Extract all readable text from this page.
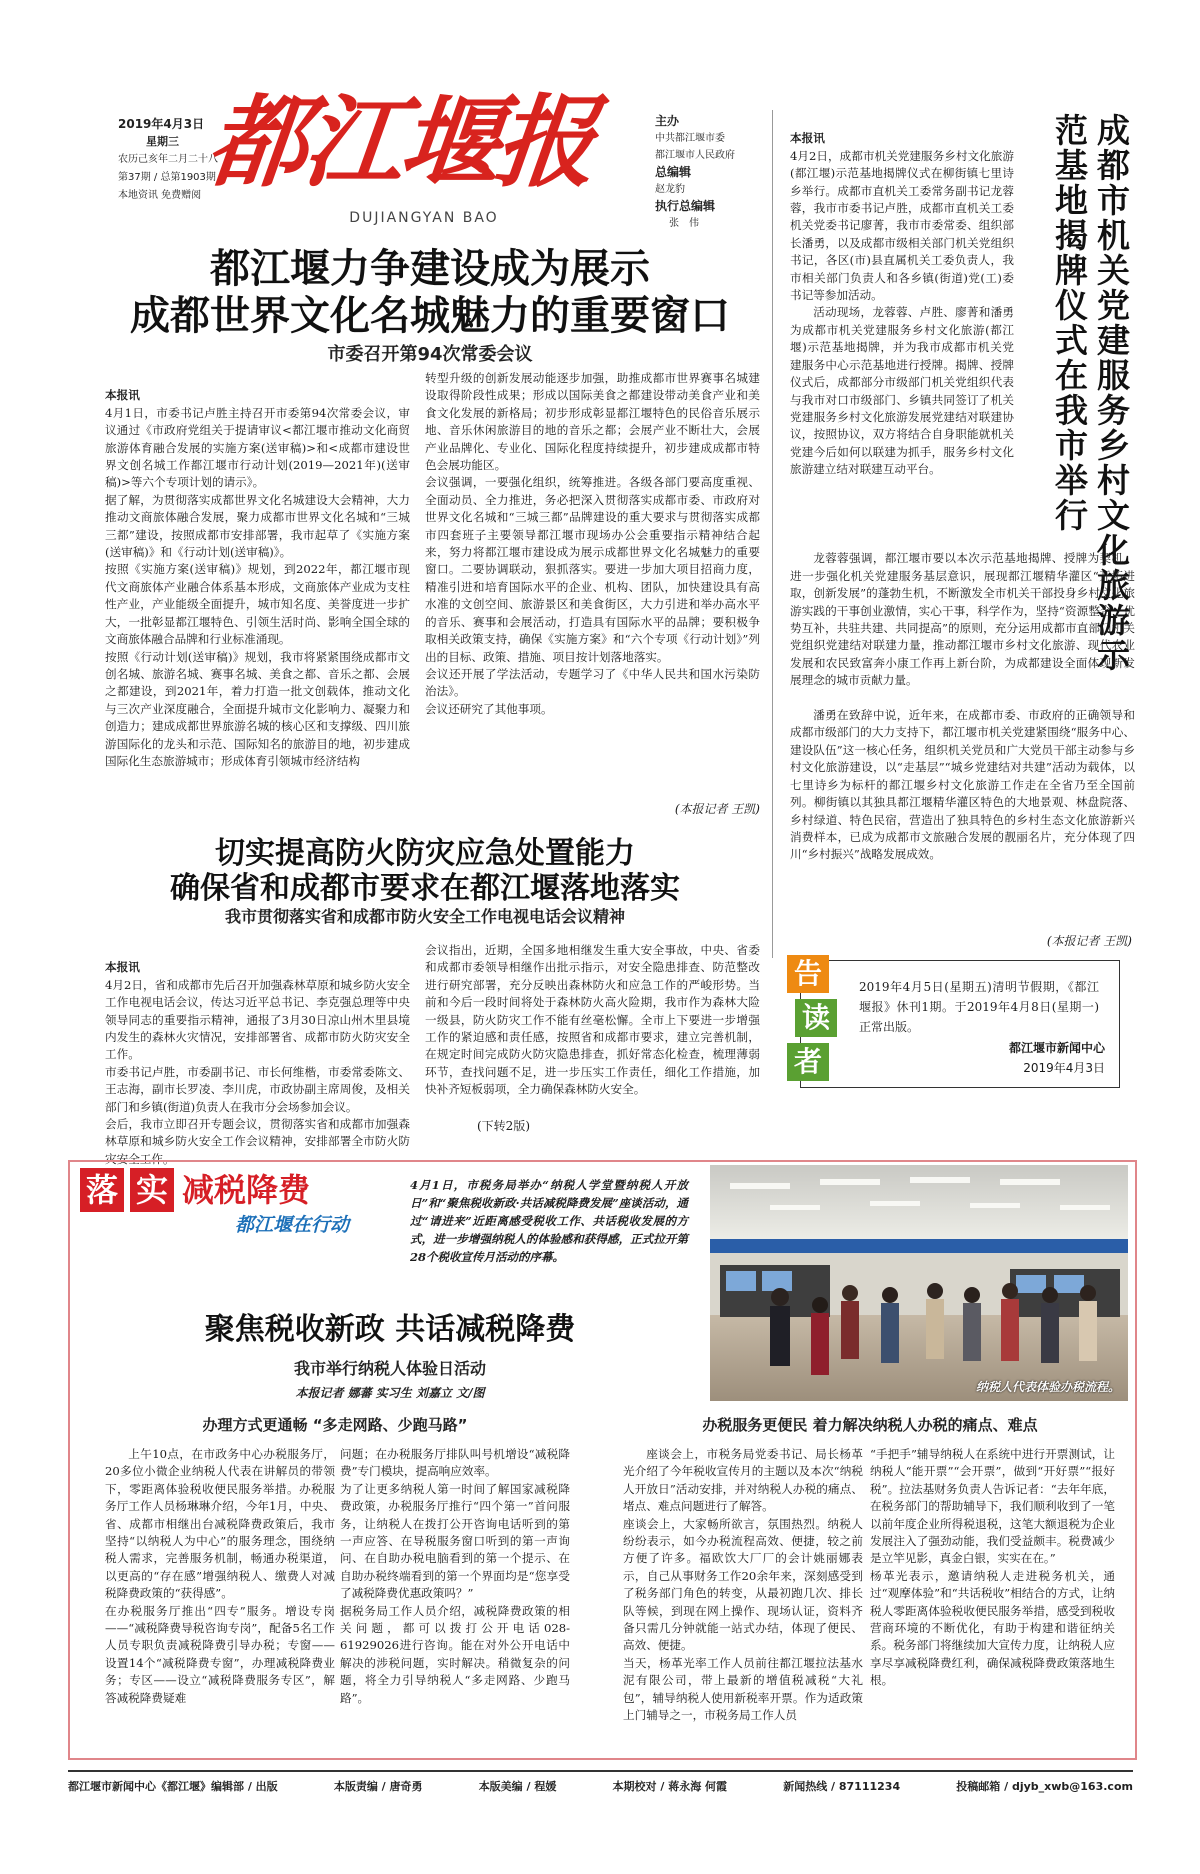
2019年4月3日
星期三
农历己亥年二月二十八
第37期 / 总第1903期
本地资讯 免费赠阅 都江堰报
DUJIANGYAN BAO
主办
中共都江堰市委
都江堰市人民政府
总编辑
赵龙豹
执行总编辑
张　伟

本报讯
4月2日，成都市机关党建服务乡村文化旅游(都江堰)示范基地揭牌仪式在柳街镇七里诗乡举行。成都市直机关工委常务副书记龙蓉蓉，我市市委书记卢胜，成都市直机关工委机关党委书记廖菁，我市市委常委、组织部长潘勇，以及成都市级相关部门机关党组织书记，各区(市)县直属机关工委负责人，我市相关部门负责人和各乡镇(街道)党(工)委书记等参加活动。

活动现场，龙蓉蓉、卢胜、廖菁和潘勇为成都市机关党建服务乡村文化旅游(都江堰)示范基地揭牌，并为我市成都市机关党建服务中心示范基地进行授牌。揭牌、授牌仪式后，成都部分市级部门机关党组织代表与我市对口市级部门、乡镇共同签订了机关党建服务乡村文化旅游发展党建结对联建协议，按照协议，双方将结合自身职能就机关党建今后如何以联建为抓手，服务乡村文化旅游建立结对联建互动平台。	成都市机关党建服务乡村文化旅游示范基地揭牌仪式在我市举行

龙蓉蓉强调，都江堰市要以本次示范基地揭牌、授牌为契机，进一步强化机关党建服务基层意识，展现都江堰精华灌区“开拓进取，创新发展”的蓬勃生机，不断激发全市机关干部投身乡村文化旅游实践的干事创业激情，实心干事，科学作为，坚持“资源整合，优势互补，共驻共建、共同提高”的原则，充分运用成都市直部门机关党组织党建结对联建力量，推动都江堰市乡村文化旅游、现代农业发展和农民致富奔小康工作再上新台阶，为成都建设全面体现新发展理念的城市贡献力量。

潘勇在致辞中说，近年来，在成都市委、市政府的正确领导和成都市级部门的大力支持下，都江堰市机关党建紧围绕“服务中心、建设队伍”这一核心任务，组织机关党员和广大党员干部主动参与乡村文化旅游建设，以“走基层”“城乡党建结对共建”活动为载体，以七里诗乡为标杆的都江堰乡村文化旅游工作走在全省乃至全国前列。柳街镇以其独具都江堰精华灌区特色的大地景观、林盘院落、乡村绿道、特色民宿，营造出了独具特色的乡村生态文化旅游新兴消费样本，已成为成都市文旅融合发展的靓丽名片，充分体现了四川“乡村振兴”战略发展成效。

(本报记者 王凯)
都江堰力争建设成为展示
成都世界文化名城魅力的重要窗口
市委召开第94次常委会议

本报讯
4月1日，市委书记卢胜主持召开市委第94次常委会议，审议通过《市政府党组关于提请审议<都江堰市推动文化商贸旅游体育融合发展的实施方案(送审稿)>和<成都市建设世界文创名城工作都江堰市行动计划(2019—2021年)(送审稿)>等六个专项计划的请示》。
据了解，为贯彻落实成都世界文化名城建设大会精神，大力推动文商旅体融合发展，聚力成都市世界文化名城和“三城三都”建设，按照成都市安排部署，我市起草了《实施方案(送审稿)》和《行动计划(送审稿)》。
按照《实施方案(送审稿)》规划，到2022年，都江堰市现代文商旅体产业融合体系基本形成，文商旅体产业成为支柱性产业，产业能级全面提升，城市知名度、美誉度进一步扩大，一批彰显都江堰特色、引领生活时尚、影响全国全球的文商旅体融合品牌和行业标准涌现。
按照《行动计划(送审稿)》规划，我市将紧紧围绕成都市文创名城、旅游名城、赛事名城、美食之都、音乐之都、会展之都建设，到2021年，着力打造一批文创载体，推动文化与三次产业深度融合，全面提升城市文化影响力、凝聚力和创造力；建成成都世界旅游名城的核心区和支撑级、四川旅游国际化的龙头和示范、国际知名的旅游目的地，初步建成国际化生态旅游城市；形成体育引领城市经济结构

转型升级的创新发展动能逐步加强，助推成都市世界赛事名城建设取得阶段性成果；形成以国际美食之都建设带动美食产业和美食文化发展的新格局；初步形成彰显都江堰特色的民俗音乐展示地、音乐休闲旅游目的地的音乐之都；会展产业不断壮大，会展产业品牌化、专业化、国际化程度持续提升，初步建成成都市特色会展功能区。
会议强调，一要强化组织，统筹推进。各级各部门要高度重视、全面动员、全力推进，务必把深入贯彻落实成都市委、市政府对世界文化名城和“三城三都”品牌建设的重大要求与贯彻落实成都市四套班子主要领导都江堰市现场办公会重要指示精神结合起来，努力将都江堰市建设成为展示成都世界文化名城魅力的重要窗口。二要协调联动，狠抓落实。要进一步加大项目招商力度，精准引进和培育国际水平的企业、机构、团队，加快建设具有高水准的文创空间、旅游景区和美食街区，大力引进和举办高水平的音乐、赛事和会展活动，打造具有国际水平的品牌；要积极争取相关政策支持，确保《实施方案》和“六个专项《行动计划》”列出的目标、政策、措施、项目按计划落地落实。
会议还开展了学法活动，专题学习了《中华人民共和国水污染防治法》。
会议还研究了其他事项。
(本报记者 王凯)
切实提高防火防灾应急处置能力
确保省和成都市要求在都江堰落地落实
我市贯彻落实省和成都市防火安全工作电视电话会议精神

本报讯
4月2日，省和成都市先后召开加强森林草原和城乡防火安全工作电视电话会议，传达习近平总书记、李克强总理等中央领导同志的重要指示精神，通报了3月30日凉山州木里县境内发生的森林火灾情况，安排部署省、成都市防火防灾安全工作。
市委书记卢胜，市委副书记、市长何维楷，市委常委陈文、王志海，副市长罗凌、李川虎，市政协副主席周俊，及相关部门和乡镇(街道)负责人在我市分会场参加会议。
会后，我市立即召开专题会议，贯彻落实省和成都市加强森林草原和城乡防火安全工作会议精神，安排部署全市防火防灾安全工作。

会议指出，近期，全国多地相继发生重大安全事故，中央、省委和成都市委领导相继作出批示指示，对安全隐患排查、防范整改进行研究部署，充分反映出森林防火和应急工作的严峻形势。当前和今后一段时间将处于森林防火高火险期，我市作为森林大险一级县，防火防灾工作不能有丝毫松懈。全市上下要进一步增强工作的紧迫感和责任感，按照省和成都市要求，建立完善机制，在规定时间完成防火防灾隐患排查，抓好常态化检查，梳理薄弱环节，查找问题不足，进一步压实工作责任，细化工作措施，加快补齐短板弱项，全力确保森林防火安全。
(下转2版)
告
读
者
2019年4月5日(星期五)清明节假期，《都江堰报》休刊1期。于2019年4月8日(星期一)正常出版。
都江堰市新闻中心
2019年4月3日
落 实 减税降费
都江堰在行动
4月1日，市税务局举办“纳税人学堂暨纳税人开放日”和“聚焦税收新政·共话减税降费发展”座谈活动，通过“请进来”近距离感受税收工作、共话税收发展的方式，进一步增强纳税人的体验感和获得感，正式拉开第28个税收宣传月活动的序幕。
纳税人代表体验办税流程。
聚焦税收新政 共话减税降费
我市举行纳税人体验日活动
本报记者 娜蕃 实习生 刘嘉立 文/图
办理方式更通畅 “多走网路、少跑马路”	办税服务更便民 着力解决纳税人办税的痛点、难点
上午10点，在市政务中心办税服务厅，20多位小微企业纳税人代表在讲解员的带领下，零距离体验税收便民服务举措。办税服务厅工作人员杨琳琳介绍，今年1月，中央、省、成都市相继出台减税降费政策后，我市坚持“以纳税人为中心”的服务理念，围绕纳税人需求，完善服务机制，畅通办税渠道，以更高的“存在感”增强纳税人、缴费人对减税降费政策的“获得感”。
在办税服务厅推出“四专”服务。增设专岗——“减税降费导税咨询专岗”，配备5名工作人员专职负责减税降费引导办税；专窗——设置14个“减税降费专窗”，办理减税降费业务；专区——设立“减税降费服务专区”，解答减税降费疑难
问题；在办税服务厅排队叫号机增设“减税降费”专门模块，提高响应效率。
为了让更多纳税人第一时间了解国家减税降费政策，办税服务厅推行“四个第一”首问服务，让纳税人在拨打公开咨询电话听到的第一声应答、在导税服务窗口听到的第一声询问、在自助办税电脑看到的第一个提示、在自助办税终端看到的第一个界面均是“您享受了减税降费优惠政策吗？”
据税务局工作人员介绍，减税降费政策的相关问题，都可以拨打公开电话028-61929026进行咨询。能在对外公开电话中解决的涉税问题，实时解决。稍微复杂的问题，将全力引导纳税人“多走网路、少跑马路”。
座谈会上，市税务局党委书记、局长杨革光介绍了今年税收宣传月的主题以及本次“纳税人开放日”活动安排，并对纳税人办税的痛点、堵点、难点问题进行了解答。
座谈会上，大家畅所欲言，氛围热烈。纳税人纷纷表示，如今办税流程高效、便捷，较之前方便了许多。福欧饮大厂厂的会计姚丽娜表示，自己从事财务工作20余年来，深刻感受到了税务部门角色的转变，从最初跑几次、排长队等候，到现在网上操作、现场认证，资料齐备只需几分钟就能一站式办结，体现了便民、高效、便捷。
当天，杨革光率工作人员前往都江堰拉法基水泥有限公司，带上最新的增值税减税“大礼包”，辅导纳税人使用新税率开票。作为适政策上门辅导之一，市税务局工作人员
“手把手”辅导纳税人在系统中进行开票测试，让纳税人“能开票”“会开票”，做到“开好票”“报好税”。拉法基财务负责人告诉记者：“去年年底，在税务部门的帮助辅导下，我们顺利收到了一笔以前年度企业所得税退税，这笔大额退税为企业发展注入了强劲动能，我们受益颇丰。税费减少是立竿见影，真金白银，实实在在。”
杨革光表示，邀请纳税人走进税务机关，通过“观摩体验”和“共话税收”相结合的方式，让纳税人零距离体验税收便民服务举措，感受到税收营商环境的不断优化，有助于构建和谐征纳关系。税务部门将继续加大宣传力度，让纳税人应享尽享减税降费红利，确保减税降费政策落地生根。
都江堰市新闻中心《都江堰》编辑部 / 出版	本版责编 / 唐奇勇	本版美编 / 程媛	本期校对 / 蒋永海 何霞	新闻热线 / 87111234	投稿邮箱 / djyb_xwb@163.com
